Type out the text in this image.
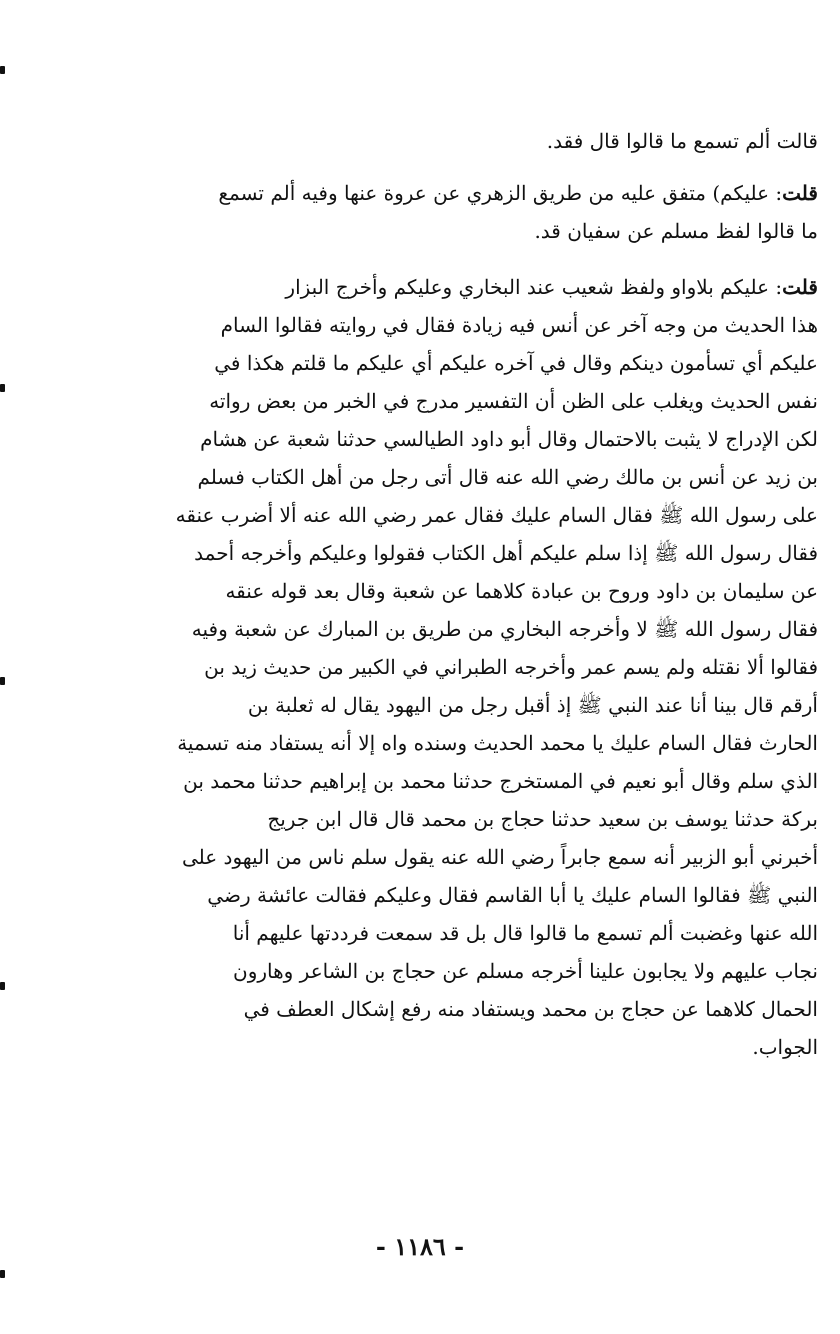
قالت ألم تسمع ما قالوا قال فقد.
قلت: عليكم) متفق عليه من طريق الزهري عن عروة عنها وفيه ألم تسمع
ما قالوا لفظ مسلم عن سفيان قد.
قلت: عليكم بلاواو ولفظ شعيب عند البخاري وعليكم وأخرج البزار
هذا الحديث من وجه آخر عن أنس فيه زيادة فقال في روايته فقالوا السام
عليكم أي تسأمون دينكم وقال في آخره عليكم أي عليكم ما قلتم هكذا في
نفس الحديث ويغلب على الظن أن التفسير مدرج في الخبر من بعض رواته
لكن الإدراج لا يثبت بالاحتمال وقال أبو داود الطيالسي حدثنا شعبة عن هشام
بن زيد عن أنس بن مالك رضي الله عنه قال أتى رجل من أهل الكتاب فسلم
على رسول الله ﷺ فقال السام عليك فقال عمر رضي الله عنه ألا أضرب عنقه
فقال رسول الله ﷺ إذا سلم عليكم أهل الكتاب فقولوا وعليكم وأخرجه أحمد
عن سليمان بن داود وروح بن عبادة كلاهما عن شعبة وقال بعد قوله عنقه
فقال رسول الله ﷺ لا وأخرجه البخاري من طريق بن المبارك عن شعبة وفيه
فقالوا ألا نقتله ولم يسم عمر وأخرجه الطبراني في الكبير من حديث زيد بن
أرقم قال بينا أنا عند النبي ﷺ إذ أقبل رجل من اليهود يقال له ثعلبة بن
الحارث فقال السام عليك يا محمد الحديث وسنده واه إلا أنه يستفاد منه تسمية
الذي سلم وقال أبو نعيم في المستخرج حدثنا محمد بن إبراهيم حدثنا محمد بن
بركة حدثنا يوسف بن سعيد حدثنا حجاج بن محمد قال قال ابن جريج
أخبرني أبو الزبير أنه سمع جابراً رضي الله عنه يقول سلم ناس من اليهود على
النبي ﷺ فقالوا السام عليك يا أبا القاسم فقال وعليكم فقالت عائشة رضي
الله عنها وغضبت ألم تسمع ما قالوا قال بل قد سمعت فرددتها عليهم أنا
نجاب عليهم ولا يجابون علينا أخرجه مسلم عن حجاج بن الشاعر وهارون
الحمال كلاهما عن حجاج بن محمد ويستفاد منه رفع إشكال العطف في
الجواب.
- ١١٨٦ -
